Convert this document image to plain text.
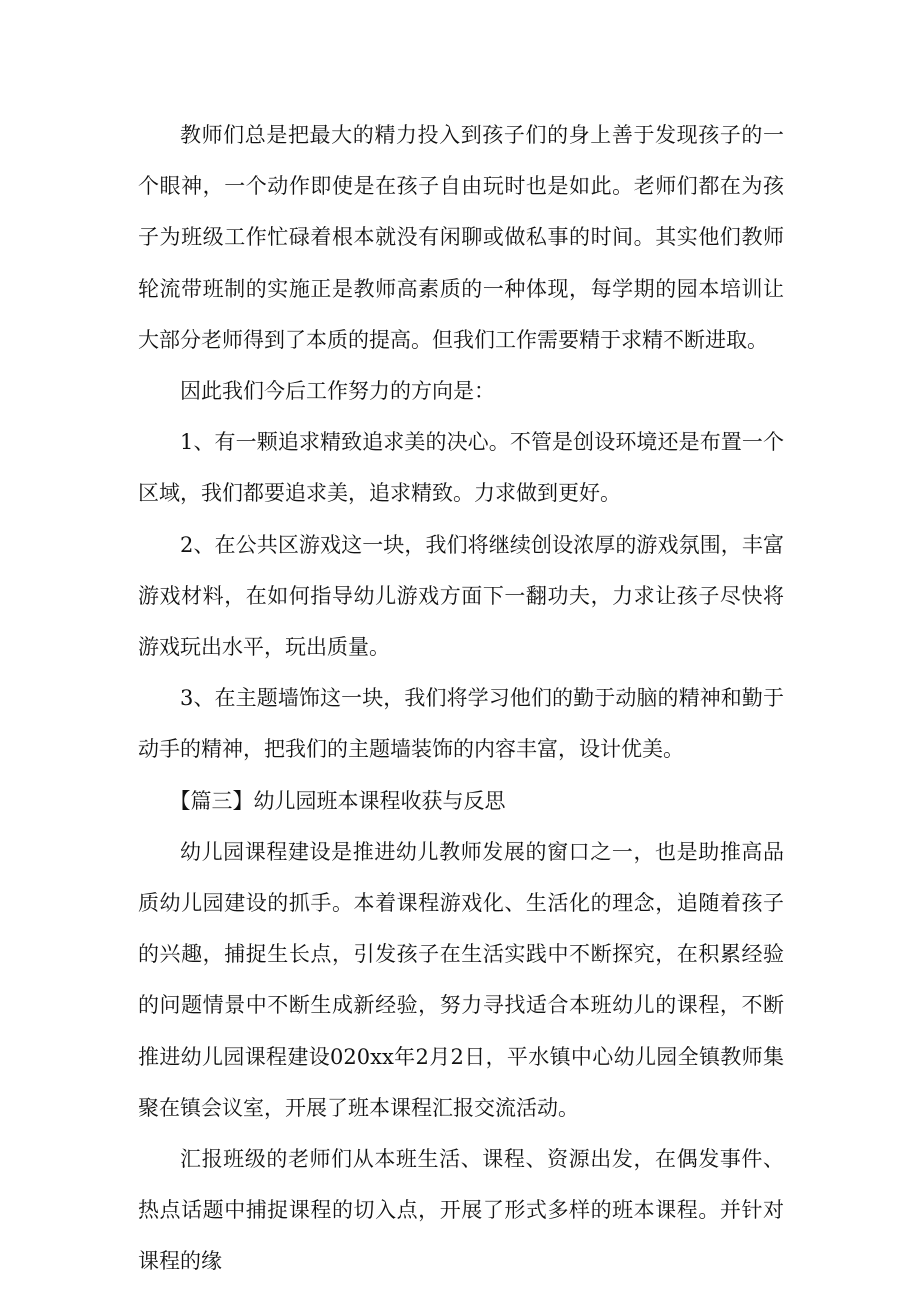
教师们总是把最大的精力投入到孩子们的身上善于发现孩子的一个眼神，一个动作即使是在孩子自由玩时也是如此。老师们都在为孩子为班级工作忙碌着根本就没有闲聊或做私事的时间。其实他们教师轮流带班制的实施正是教师高素质的一种体现，每学期的园本培训让大部分老师得到了本质的提高。但我们工作需要精于求精不断进取。

因此我们今后工作努力的方向是：

1、有一颗追求精致追求美的决心。不管是创设环境还是布置一个区域，我们都要追求美，追求精致。力求做到更好。

2、在公共区游戏这一块，我们将继续创设浓厚的游戏氛围，丰富游戏材料，在如何指导幼儿游戏方面下一翻功夫，力求让孩子尽快将游戏玩出水平，玩出质量。

3、在主题墙饰这一块，我们将学习他们的勤于动脑的精神和勤于动手的精神，把我们的主题墙装饰的内容丰富，设计优美。

【篇三】幼儿园班本课程收获与反思

幼儿园课程建设是推进幼儿教师发展的窗口之一，也是助推高品质幼儿园建设的抓手。本着课程游戏化、生活化的理念，追随着孩子的兴趣，捕捉生长点，引发孩子在生活实践中不断探究，在积累经验的问题情景中不断生成新经验，努力寻找适合本班幼儿的课程，不断推进幼儿园课程建设020xx年2月2日，平水镇中心幼儿园全镇教师集聚在镇会议室，开展了班本课程汇报交流活动。

汇报班级的老师们从本班生活、课程、资源出发，在偶发事件、热点话题中捕捉课程的切入点，开展了形式多样的班本课程。并针对课程的缘
